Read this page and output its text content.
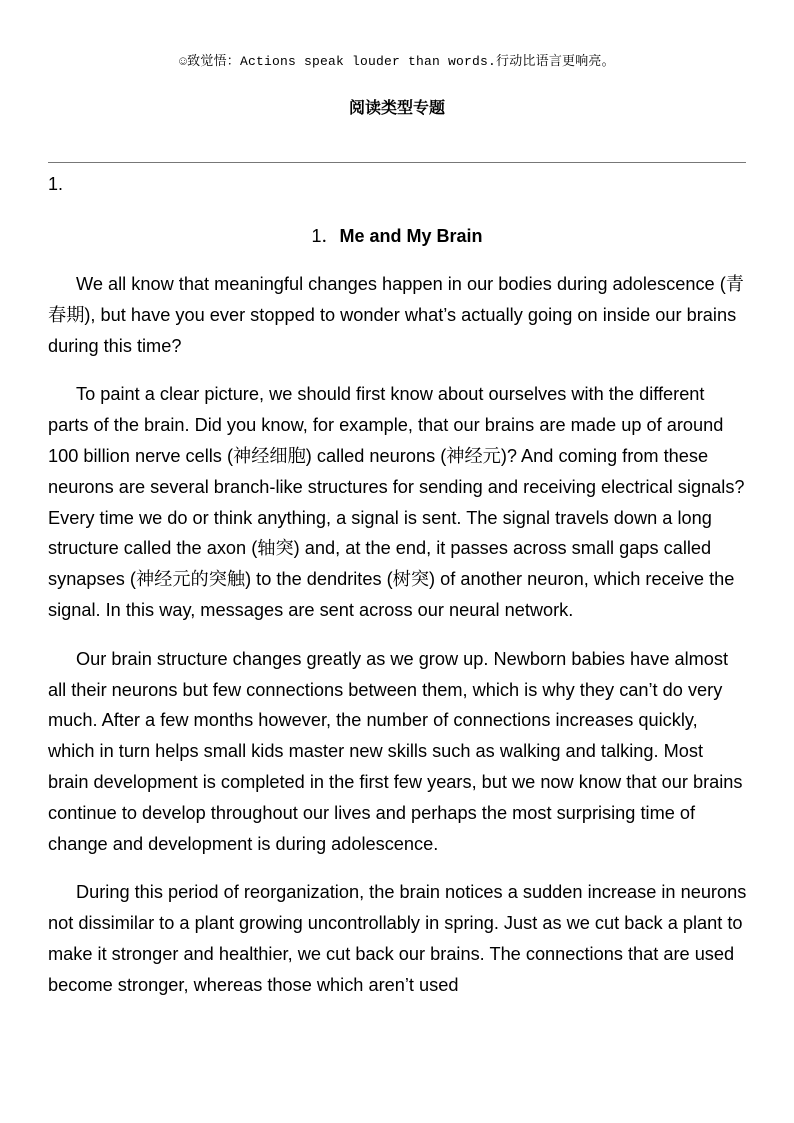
☺致觉悟：Actions speak louder than words.行动比语言更响亮。
阅读类型专题
1.
1．Me and My Brain

We all know that meaningful changes happen in our bodies during adolescence (青春期), but have you ever stopped to wonder what’s actually going on inside our brains during this time?

To paint a clear picture, we should first know about ourselves with the different parts of the brain. Did you know, for example, that our brains are made up of around 100 billion nerve cells (神经细胞) called neurons (神经元)? And coming from these neurons are several branch-like structures for sending and receiving electrical signals? Every time we do or think anything, a signal is sent. The signal travels down a long structure called the axon (轴突) and, at the end, it passes across small gaps called synapses (神经元的突触) to the dendrites (树突) of another neuron, which receive the signal. In this way, messages are sent across our neural network.

Our brain structure changes greatly as we grow up. Newborn babies have almost all their neurons but few connections between them, which is why they can’t do very much. After a few months however, the number of connections increases quickly, which in turn helps small kids master new skills such as walking and talking. Most brain development is completed in the first few years, but we now know that our brains continue to develop throughout our lives and perhaps the most surprising time of change and development is during adolescence.

During this period of reorganization, the brain notices a sudden increase in neurons not dissimilar to a plant growing uncontrollably in spring. Just as we cut back a plant to make it stronger and healthier, we cut back our brains. The connections that are used become stronger, whereas those which aren’t used
